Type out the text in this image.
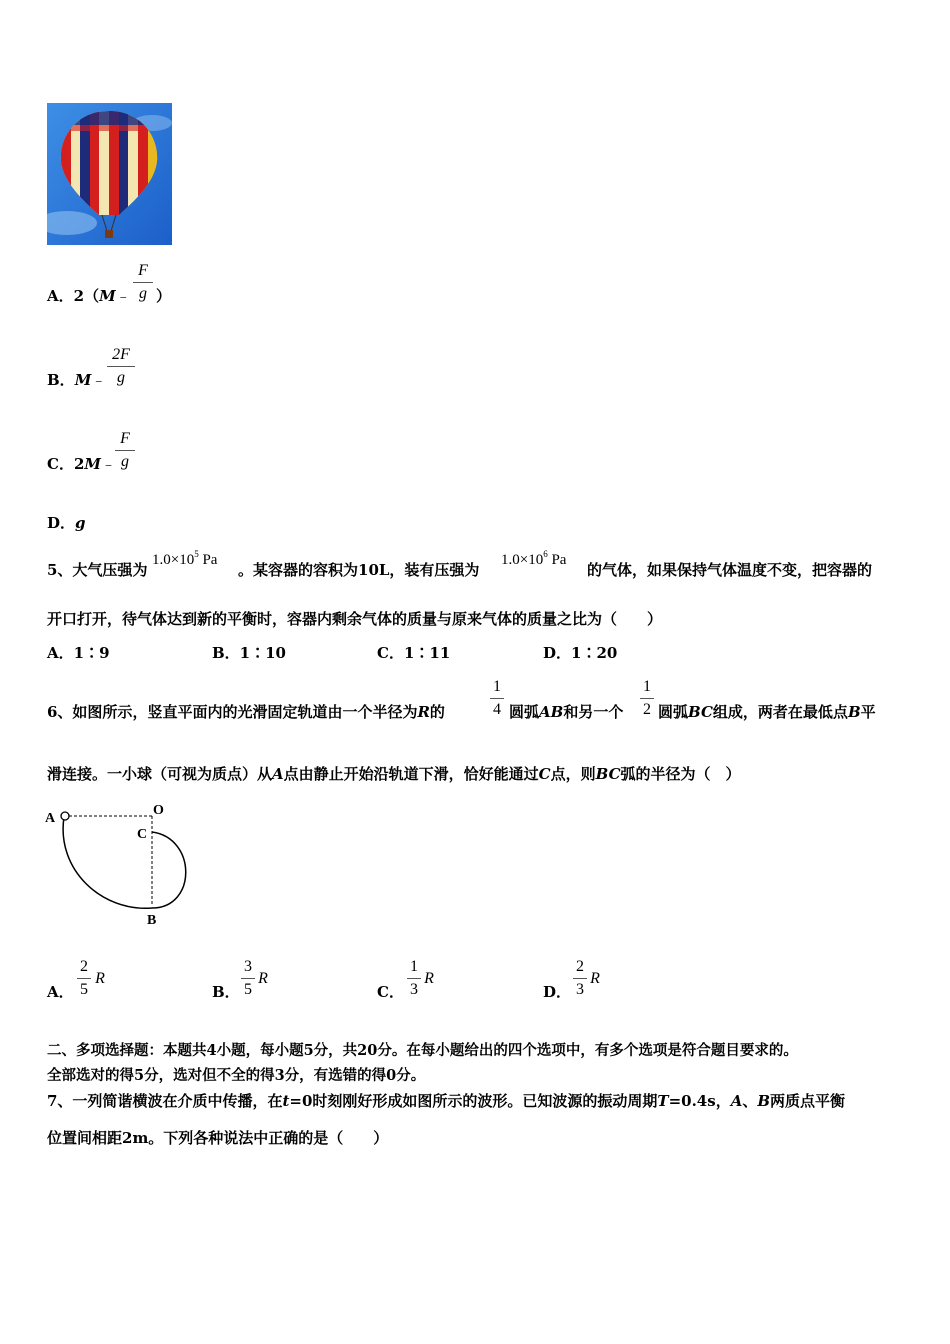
A．2（M﹣
F
g ）
B．M﹣
2F
g
C．2M﹣
F
g
D．g
5、大气压强为
$1.0\times 10^5$ Pa
。某容器的容积为10L，装有压强为
$1.0\times 10^6$ Pa
的气体，如果保持气体温度不变，把容器的
开口打开，待气体达到新的平衡时，容器内剩余气体的质量与原来气体的质量之比为（　　）
A．1∶9	B．1∶10	C．1∶11	D．1∶20
6、如图所示，竖直平面内的光滑固定轨道由一个半径为R的
1
4 圆弧AB和另一个
1
2 圆弧BC组成，两者在最低点B平
滑连接。一小球（可视为质点）从A点由静止开始沿轨道下滑，恰好能通过C点，则BC弧的半径为（　）
A
O
C
B
A．
2
5
R
B．
3
5
R
C．
1
3
R
D．
2
3
R
二、多项选择题：本题共4小题，每小题5分，共20分。在每小题给出的四个选项中，有多个选项是符合题目要求的。
全部选对的得5分，选对但不全的得3分，有选错的得0分。
7、一列简谐横波在介质中传播，在t=0时刻刚好形成如图所示的波形。已知波源的振动周期T=0.4s，A、B两质点平衡
位置间相距2m。下列各种说法中正确的是（　　）
